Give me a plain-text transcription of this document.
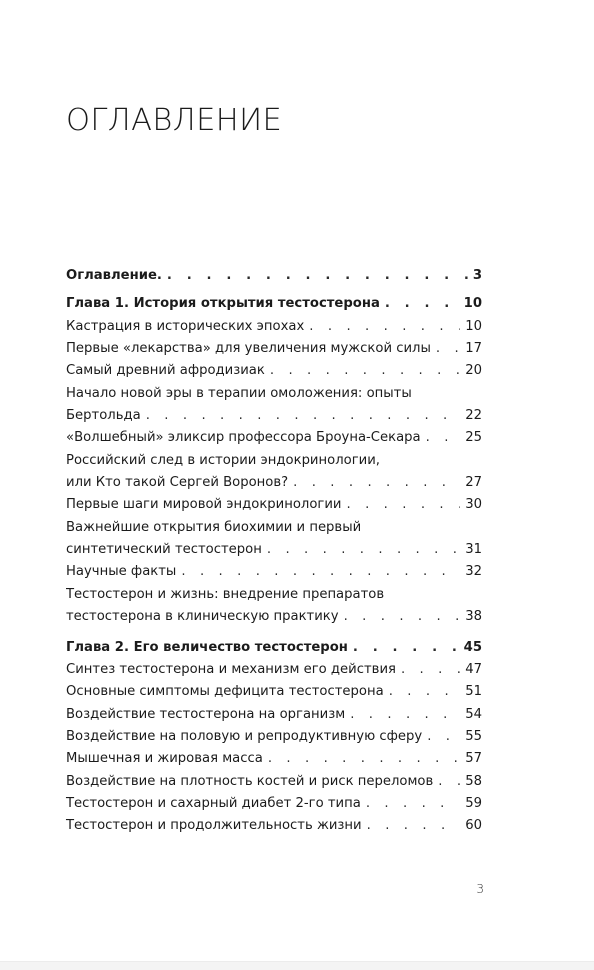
ОГЛАВЛЕНИЕ
Оглавление. . . .	3
Глава 1. История открытия тестостерона . . .	10
Кастрация в исторических эпохах . . .	10
Первые «лекарства» для увеличения мужской силы . . .	17
Самый древний афродизиак . . .	20
Начало новой эры в терапии омоложения: опыты
Бертольда . . .	22
«Волшебный» эликсир профессора Броуна-Секара . . .	25
Российский след в истории эндокринологии,
или Кто такой Сергей Воронов? . . .	27
Первые шаги мировой эндокринологии . . .	30
Важнейшие открытия биохимии и первый
синтетический тестостерон . . .	31
Научные факты . . .	32
Тестостерон и жизнь: внедрение препаратов
тестостерона в клиническую практику . . .	38
Глава 2. Его величество тестостерон . . .	45
Синтез тестостерона и механизм его действия . . .	47
Основные симптомы дефицита тестостерона . . .	51
Воздействие тестостерона на организм . . .	54
Воздействие на половую и репродуктивную сферу . . .	55
Мышечная и жировая масса . . .	57
Воздействие на плотность костей и риск переломов . . . 58
Тестостерон и сахарный диабет 2-го типа . . .	59
Тестостерон и продолжительность жизни . . .	60
3
